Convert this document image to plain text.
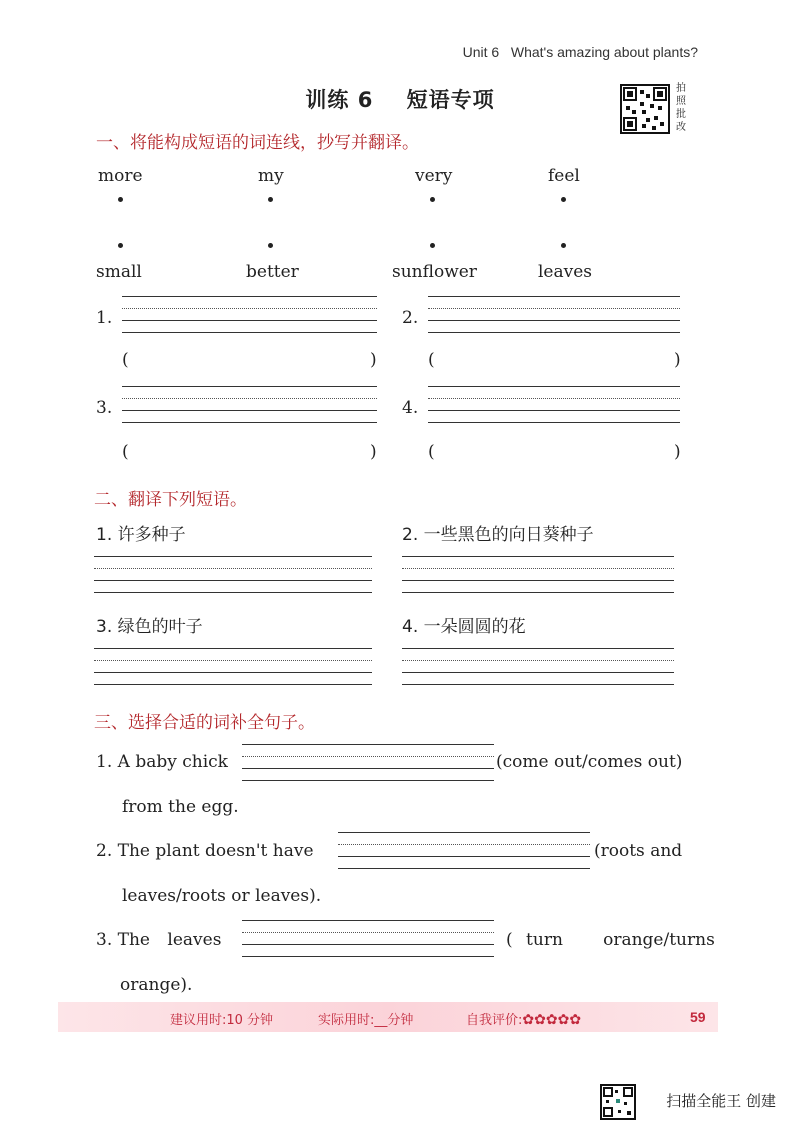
Unit 6 What's amazing about plants?
训练 6 短语专项	拍照批改
一、将能构成短语的词连线，抄写并翻译。
more	my	very	feel
small	better	sunflower	leaves
1.
(	)
2.
(	)
3.
(	)
4.
(	)
二、翻译下列短语。
1. 许多种子	2. 一些黑色的向日葵种子
3. 绿色的叶子	4. 一朵圆圆的花
三、选择合适的词补全句子。
1. A baby chick	(come out/comes out)
from the egg.
2. The plant doesn't have	(roots and
leaves/roots or leaves).
3. The leaves	( turn   orange/turns
orange).
建议用时:10 分钟	实际用时:__分钟	自我评价:✿✿✿✿✿	59
扫描全能王 创建
